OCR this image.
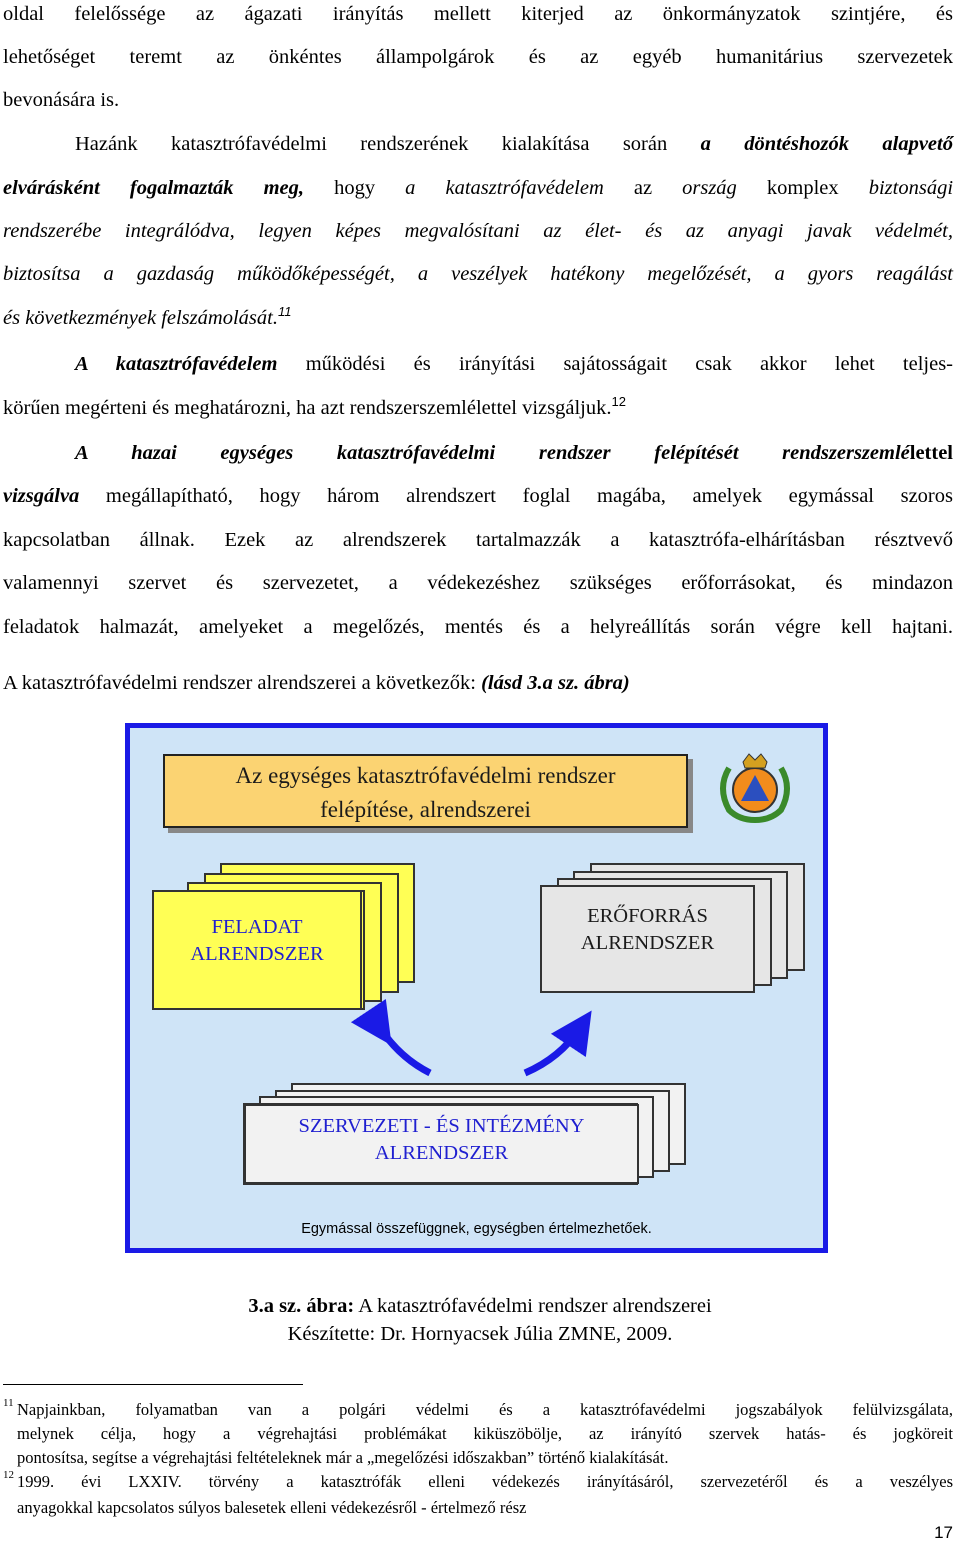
oldal felelőssége az ágazati irányítás mellett kiterjed az önkormányzatok szintjére, és
lehetőséget teremt az önkéntes állampolgárok és az egyéb humanitárius szervezetek
bevonására is.
Hazánk katasztrófavédelmi rendszerének kialakítása során a döntéshozók alapvető
elvárásként fogalmazták meg, hogy a katasztrófavédelem az ország komplex biztonsági
rendszerébe integrálódva, legyen képes megvalósítani az élet- és az anyagi javak védelmét,
biztosítsa a gazdaság működőképességét, a veszélyek hatékony megelőzését, a gyors reagálást
és következmények felszámolását.$^{11}$
A katasztrófavédelem működési és irányítási sajátosságait csak akkor lehet teljes-
körűen megérteni és meghatározni, ha azt rendszerszemlélettel vizsgáljuk.$^{12}$
A hazai egységes katasztrófavédelmi rendszer felépítését rendszerszemlélettel
vizsgálva megállapítható, hogy három alrendszert foglal magába, amelyek egymással szoros
kapcsolatban állnak. Ezek az alrendszerek tartalmazzák a katasztrófa-elhárításban résztvevő
valamennyi szervet és szervezetet, a védekezéshez szükséges erőforrásokat, és mindazon
feladatok halmazát, amelyeket a megelőzés, mentés és a helyreállítás során végre kell hajtani.
A katasztrófavédelmi rendszer alrendszerei a következők: (lásd 3.a sz. ábra)
Az egységes katasztrófavédelmi rendszer
felépítése, alrendszerei
FELADAT
ALRENDSZER
ERŐFORRÁS
ALRENDSZER
SZERVEZETI - ÉS INTÉZMÉNY
ALRENDSZER
Egymással összefüggnek, egységben értelmezhetőek.
3.a sz. ábra: A katasztrófavédelmi rendszer alrendszerei
Készítette: Dr. Hornyacsek Júlia ZMNE, 2009.
11 Napjainkban, folyamatban van a polgári védelmi és a katasztrófavédelmi jogszabályok felülvizsgálata,
melynek célja, hogy a végrehajtási problémákat kiküszöbölje, az irányító szervek hatás- és jogköreit
pontosítsa, segítse a végrehajtási feltételeknek már a „megelőzési időszakban” történő kialakítását.
12 1999. évi LXXIV. törvény a katasztrófák elleni védekezés irányításáról, szervezetéről és a veszélyes
anyagokkal kapcsolatos súlyos balesetek elleni védekezésről - értelmező rész
17
